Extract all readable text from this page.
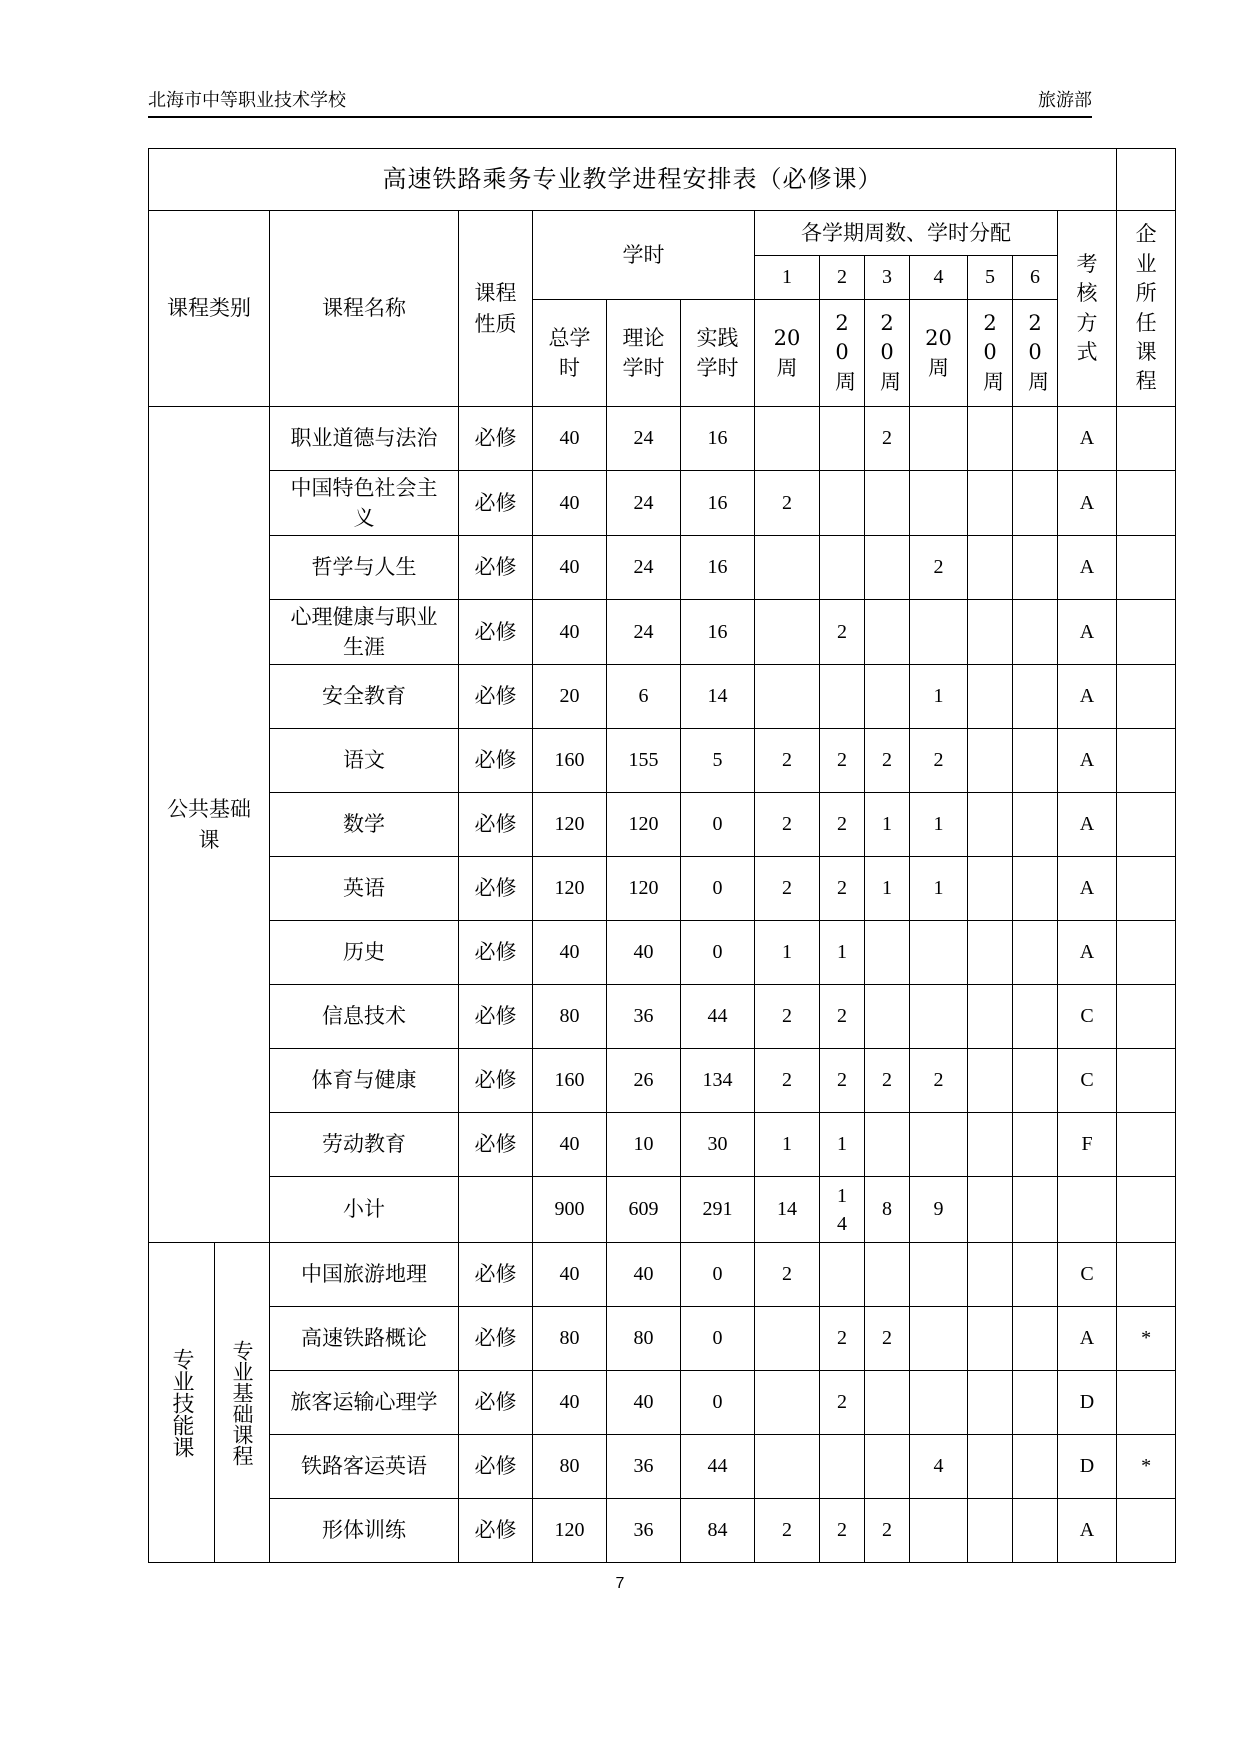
北海市中等职业技术学校	旅游部
高速铁路乘务专业教学进程安排表（必修课）														
课程类别		课程名称	课程性质	学时			各学期周数、学时分配						考核方式	企业所任课程

							1	2	3	4	5	6		

				总学时	理论学时	实践学时	20周	20周	20周	20周	20周	20周		

公共基础课		职业道德与法治	必修	40	24	16			2				A	

		中国特色社会主义	必修	40	24	16	2						A	

		哲学与人生	必修	40	24	16				2			A	

		心理健康与职业生涯	必修	40	24	16		2					A	

		安全教育	必修	20	6	14				1			A	

		语文	必修	160	155	5	2	2	2	2			A	

		数学	必修	120	120	0	2	2	1	1			A	

		英语	必修	120	120	0	2	2	1	1			A	

		历史	必修	40	40	0	1	1					A	

		信息技术	必修	80	36	44	2	2					C	

		体育与健康	必修	160	26	134	2	2	2	2			C	

		劳动教育	必修	40	10	30	1	1					F	

		小计		900	609	291	14	14	8	9				

专业技能课	专业基础课程	中国旅游地理	必修	40	40	0	2						C	

		高速铁路概论	必修	80	80	0		2	2				A	*

		旅客运输心理学	必修	40	40	0		2					D	

		铁路客运英语	必修	80	36	44				4			D	*

		形体训练	必修	120	36	84	2	2	2				A	
7
